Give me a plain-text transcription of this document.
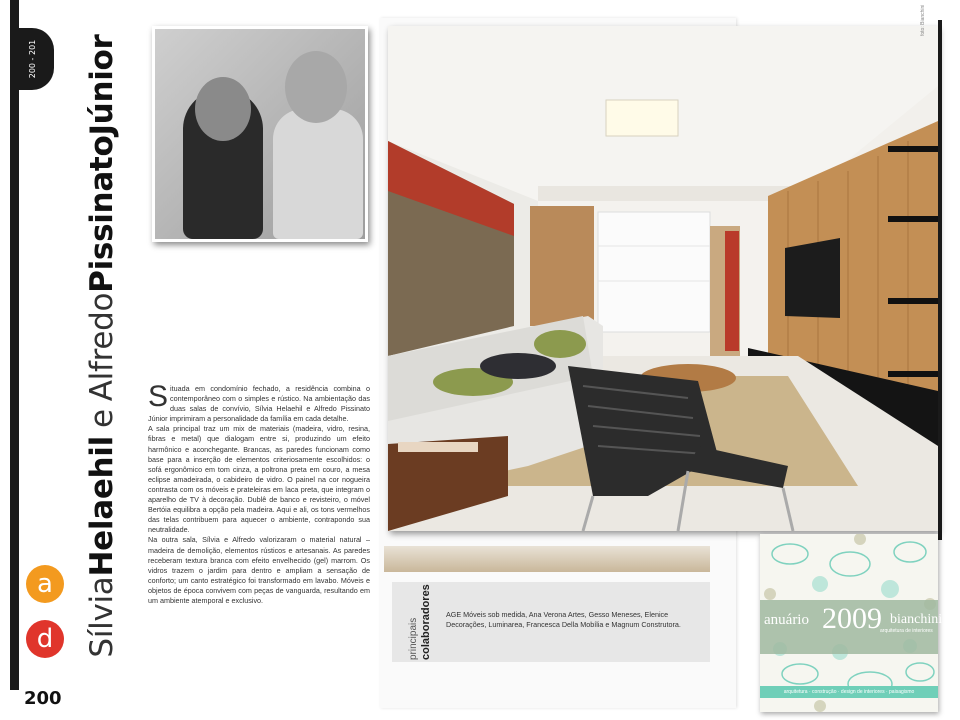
200 - 201
Sílvia
Helaehil
e
Alfredo
PissinatoJúnior
a
d
200
foto: Bianchini

Situada em condomínio fechado, a residência combina o contemporâneo com o simples e rústico. Na ambientação das duas salas de convívio, Sílvia Helaehil e Alfredo Pissinato Júnior imprimiram a personalidade da família em cada detalhe.

A sala principal traz um mix de materiais (madeira, vidro, resina, fibras e metal) que dialogam entre si, produzindo um efeito harmônico e aconchegante. Brancas, as paredes funcionam como base para a inserção de elementos criteriosamente escolhidos: o sofá ergonômico em tom cinza, a poltrona preta em couro, a mesa eclipse amadeirada, o cabideiro de vidro. O painel na cor nogueira contrasta com os móveis e prateleiras em laca preta, que integram o aparelho de TV à decoração. Dublê de banco e revisteiro, o móvel Bertóia equilibra a opção pela madeira. Aqui e ali, os tons vermelhos das telas contribuem para aquecer o ambiente, contrapondo sua neutralidade.

Na outra sala, Sílvia e Alfredo valorizaram o material natural – madeira de demolição, elementos rústicos e artesanais. As paredes receberam textura branca com efeito envelhecido (gel) marrom. Os vidros trazem o jardim para dentro e ampliam a sensação de conforto; um canto estratégico foi transformado em lavabo. Móveis e objetos de época convivem com peças de vanguarda, resultando em um ambiente atemporal e exclusivo.

principais colaboradores AGE Móveis sob medida, Ana Verona Artes, Gesso Meneses, Elenice Decorações, Luminarea, Francesca Della Mobília e Magnum Construtora.	anuário 2009 bianchini
arquitetura de interiores
arquitetura · construção · design de interiores · paisagismo
